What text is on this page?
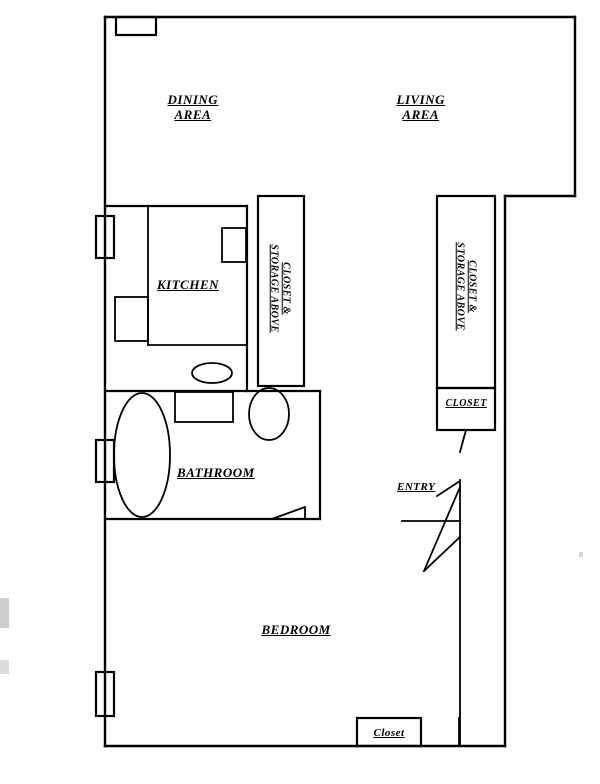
DINING
AREA
LIVING
AREA
KITCHEN
BATHROOM
BEDROOM
CLOSET &
STORAGE ABOVE	CLOSET &
STORAGE ABOVE
CLOSET
Closet
ENTRY
